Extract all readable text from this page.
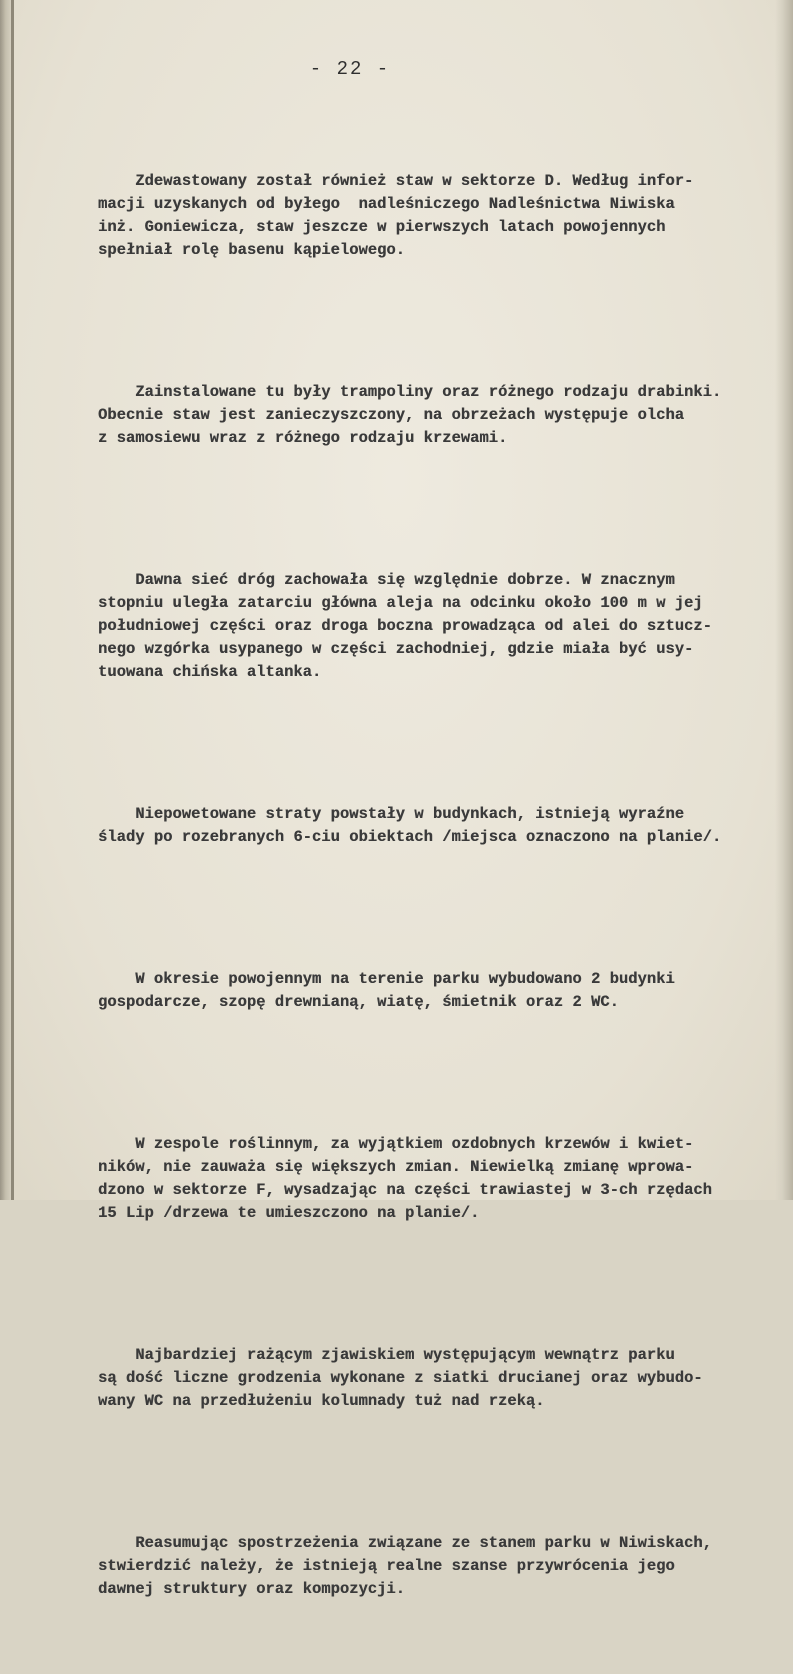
- 22 -

Zdewastowany został również staw w sektorze D. Według infor-
macji uzyskanych od byłego  nadleśniczego Nadleśnictwa Niwiska
inż. Goniewicza, staw jeszcze w pierwszych latach powojennych
spełniał rolę basenu kąpielowego.

Zainstalowane tu były trampoliny oraz różnego rodzaju drabinki.
Obecnie staw jest zanieczyszczony, na obrzeżach występuje olcha
z samosiewu wraz z różnego rodzaju krzewami.

Dawna sieć dróg zachowała się względnie dobrze. W znacznym
stopniu uległa zatarciu główna aleja na odcinku około 100 m w jej
południowej części oraz droga boczna prowadząca od alei do sztucz-
nego wzgórka usypanego w części zachodniej, gdzie miała być usy-
tuowana chińska altanka.

Niepowetowane straty powstały w budynkach, istnieją wyraźne
ślady po rozebranych 6-ciu obiektach /miejsca oznaczono na planie/.

W okresie powojennym na terenie parku wybudowano 2 budynki
gospodarcze, szopę drewnianą, wiatę, śmietnik oraz 2 WC.

W zespole roślinnym, za wyjątkiem ozdobnych krzewów i kwiet-
ników, nie zauważa się większych zmian. Niewielką zmianę wprowa-
dzono w sektorze F, wysadzając na części trawiastej w 3-ch rzędach
15 Lip /drzewa te umieszczono na planie/.

Najbardziej rażącym zjawiskiem występującym wewnątrz parku
są dość liczne grodzenia wykonane z siatki drucianej oraz wybudo-
wany WC na przedłużeniu kolumnady tuż nad rzeką.

Reasumując spostrzeżenia związane ze stanem parku w Niwiskach,
stwierdzić należy, że istnieją realne szanse przywrócenia jego
dawnej struktury oraz kompozycji.
